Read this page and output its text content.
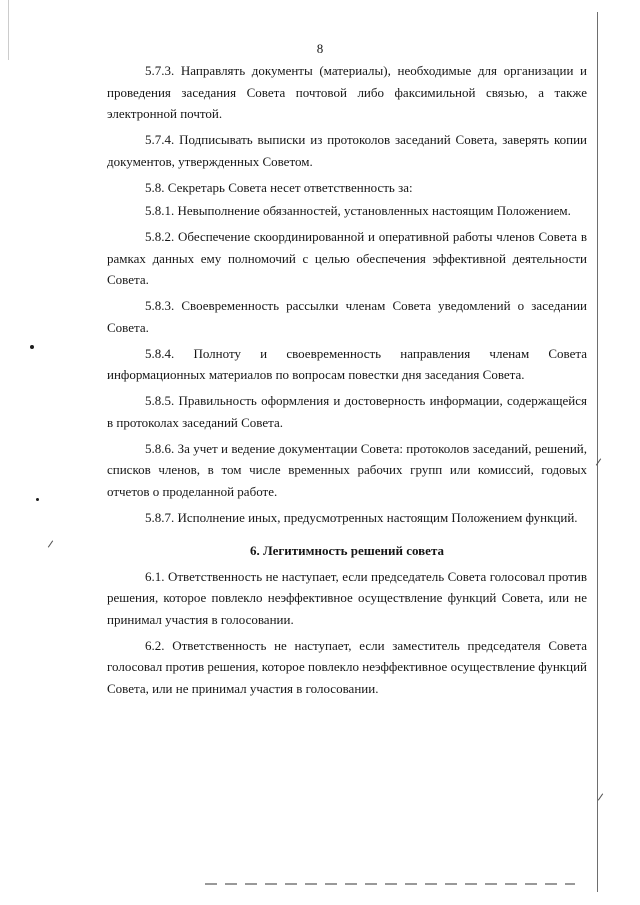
8

5.7.3. Направлять документы (материалы), необходимые для организации и проведения заседания Совета почтовой либо факсимильной связью, а также электронной почтой.

5.7.4. Подписывать выписки из протоколов заседаний Совета, заверять копии документов, утвержденных Советом.

5.8. Секретарь Совета несет ответственность за:

5.8.1. Невыполнение обязанностей, установленных настоящим Положением.

5.8.2. Обеспечение скоординированной и оперативной работы членов Совета в рамках данных ему полномочий с целью обеспечения эффективной деятельности Совета.

5.8.3. Своевременность рассылки членам Совета уведомлений о заседании Совета.

5.8.4. Полноту и своевременность направления членам Совета информационных материалов по вопросам повестки дня заседания Совета.

5.8.5. Правильность оформления и достоверность информации, содержащейся в протоколах заседаний Совета.

5.8.6. За учет и ведение документации Совета: протоколов заседаний, решений, списков членов, в том числе временных рабочих групп или комиссий, годовых отчетов о проделанной работе.

5.8.7. Исполнение иных, предусмотренных настоящим Положением функций.

6. Легитимность решений совета

6.1. Ответственность не наступает, если председатель Совета голосовал против решения, которое повлекло неэффективное осуществление функций Совета, или не принимал участия в голосовании.

6.2. Ответственность не наступает, если заместитель председателя Совета голосовал против решения, которое повлекло неэффективное осуществление функций Совета, или не принимал участия в голосовании.
